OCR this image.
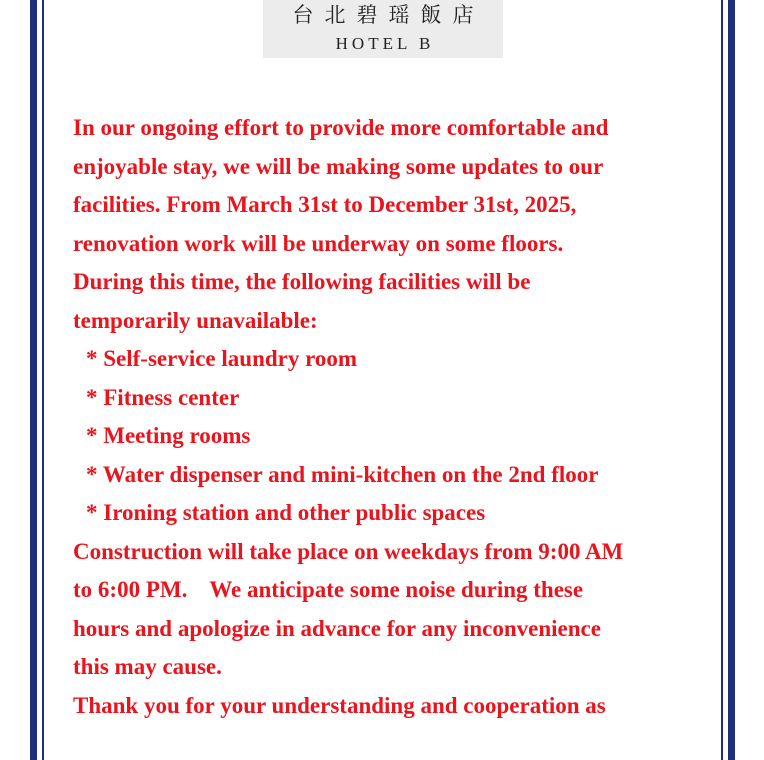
台北碧瑶飯店
HOTEL B
In our ongoing effort to provide more comfortable and
enjoyable stay, we will be making some updates to our
facilities. From March 31st to December 31st, 2025,
renovation work will be underway on some floors.
During this time, the following facilities will be
temporarily unavailable:
* Self-service laundry room
* Fitness center
* Meeting rooms
* Water dispenser and mini-kitchen on the 2nd floor
* Ironing station and other public spaces
Construction will take place on weekdays from 9:00 AM
to 6:00 PM. We anticipate some noise during these
hours and apologize in advance for any inconvenience
this may cause.
Thank you for your understanding and cooperation as
